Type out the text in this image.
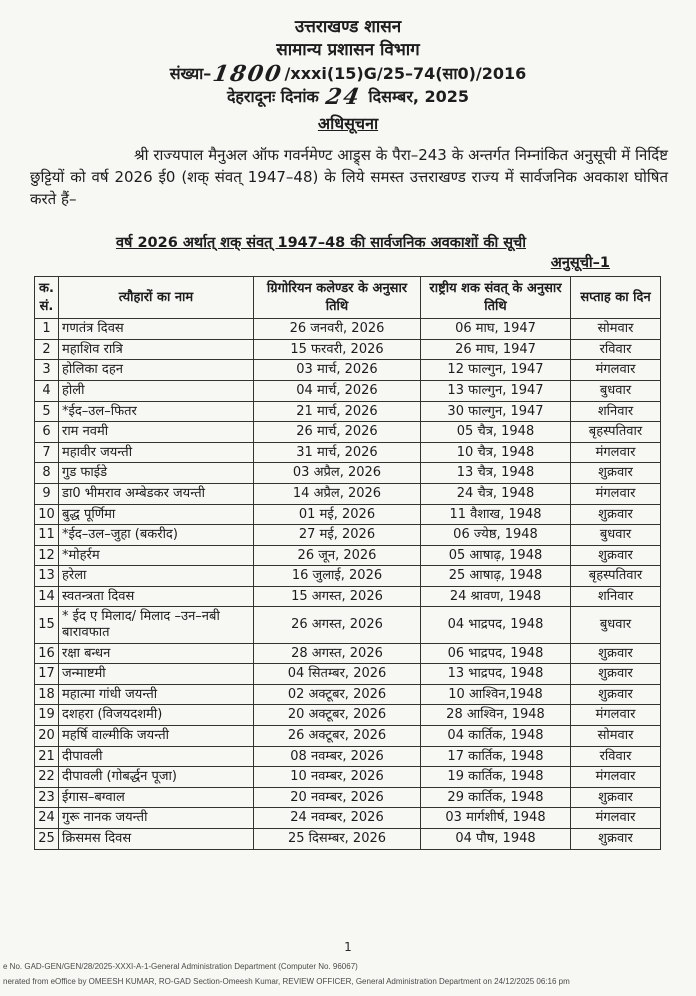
उत्तराखण्ड शासन
सामान्य प्रशासन विभाग
संख्या–1800/xxxi(15)G/25–74(सा0)/2016
देहरादूनः दिनांक 24 दिसम्बर, 2025
अधिसूचना

श्री राज्यपाल मैनुअल ऑफ गवर्नमेण्ट आड्र्स के पैरा–243 के अन्तर्गत निम्नांकित अनुसूची में निर्दिष्ट छुट्टियों को वर्ष 2026 ई0 (शक् संवत् 1947–48) के लिये समस्त उत्तराखण्ड राज्य में सार्वजनिक अवकाश घोषित करते हैं–

वर्ष 2026 अर्थात् शक् संवत् 1947–48 की सार्वजनिक अवकाशों की सूची
अनुसूची–1
क. सं.	त्यौहारों का नाम	ग्रिगोरियन कलेण्डर के अनुसार तिथि	राष्ट्रीय शक संवत् के अनुसार तिथि	सप्ताह का दिन
1	गणतंत्र दिवस	26 जनवरी, 2026	06 माघ, 1947	सोमवार
2	महाशिव रात्रि	15 फरवरी, 2026	26 माघ, 1947	रविवार
3	होलिका दहन	03 मार्च, 2026	12 फाल्गुन, 1947	मंगलवार
4	होली	04 मार्च, 2026	13 फाल्गुन, 1947	बुधवार
5	*ईद–उल–फितर	21 मार्च, 2026	30 फाल्गुन, 1947	शनिवार
6	राम नवमी	26 मार्च, 2026	05 चैत्र, 1948	बृहस्पतिवार
7	महावीर जयन्ती	31 मार्च, 2026	10 चैत्र, 1948	मंगलवार
8	गुड फाईडे	03 अप्रैल, 2026	13 चैत्र, 1948	शुक्रवार
9	डा0 भीमराव अम्बेडकर जयन्ती	14 अप्रैल, 2026	24 चैत्र, 1948	मंगलवार
10	बुद्ध पूर्णिमा	01 मई, 2026	11 वैशाख, 1948	शुक्रवार
11	*ईद–उल–जुहा (बकरीद)	27 मई, 2026	06 ज्येष्ठ, 1948	बुधवार
12	*मोहर्रम	26 जून, 2026	05 आषाढ़, 1948	शुक्रवार
13	हरेला	16 जुलाई, 2026	25 आषाढ़, 1948	बृहस्पतिवार
14	स्वतन्त्रता दिवस	15 अगस्त, 2026	24 श्रावण, 1948	शनिवार
15	* ईद ए मिलाद/ मिलाद –उन–नबी बारावफात	26 अगस्त, 2026	04 भाद्रपद, 1948	बुधवार
16	रक्षा बन्धन	28 अगस्त, 2026	06 भाद्रपद, 1948	शुक्रवार
17	जन्माष्टमी	04 सितम्बर, 2026	13 भाद्रपद, 1948	शुक्रवार
18	महात्मा गांधी जयन्ती	02 अक्टूबर, 2026	10 आश्विन,1948	शुक्रवार
19	दशहरा (विजयदशमी)	20 अक्टूबर, 2026	28 आश्विन, 1948	मंगलवार
20	महर्षि वाल्मीकि जयन्ती	26 अक्टूबर, 2026	04 कार्तिक, 1948	सोमवार
21	दीपावली	08 नवम्बर, 2026	17 कार्तिक, 1948	रविवार
22	दीपावली (गोबर्द्धन पूजा)	10 नवम्बर, 2026	19 कार्तिक, 1948	मंगलवार
23	ईगास–बग्वाल	20 नवम्बर, 2026	29 कार्तिक, 1948	शुक्रवार
24	गुरू नानक जयन्ती	24 नवम्बर, 2026	03 मार्गशीर्ष, 1948	मंगलवार
25	क्रिसमस दिवस	25 दिसम्बर, 2026	04 पौष, 1948	शुक्रवार
1
e No. GAD-GEN/GEN/28/2025-XXXI-A-1-General Administration Department (Computer No. 96067)
nerated from eOffice by OMEESH KUMAR, RO-GAD Section-Omeesh Kumar, REVIEW OFFICER, General Administration Department on 24/12/2025 06:16 pm
